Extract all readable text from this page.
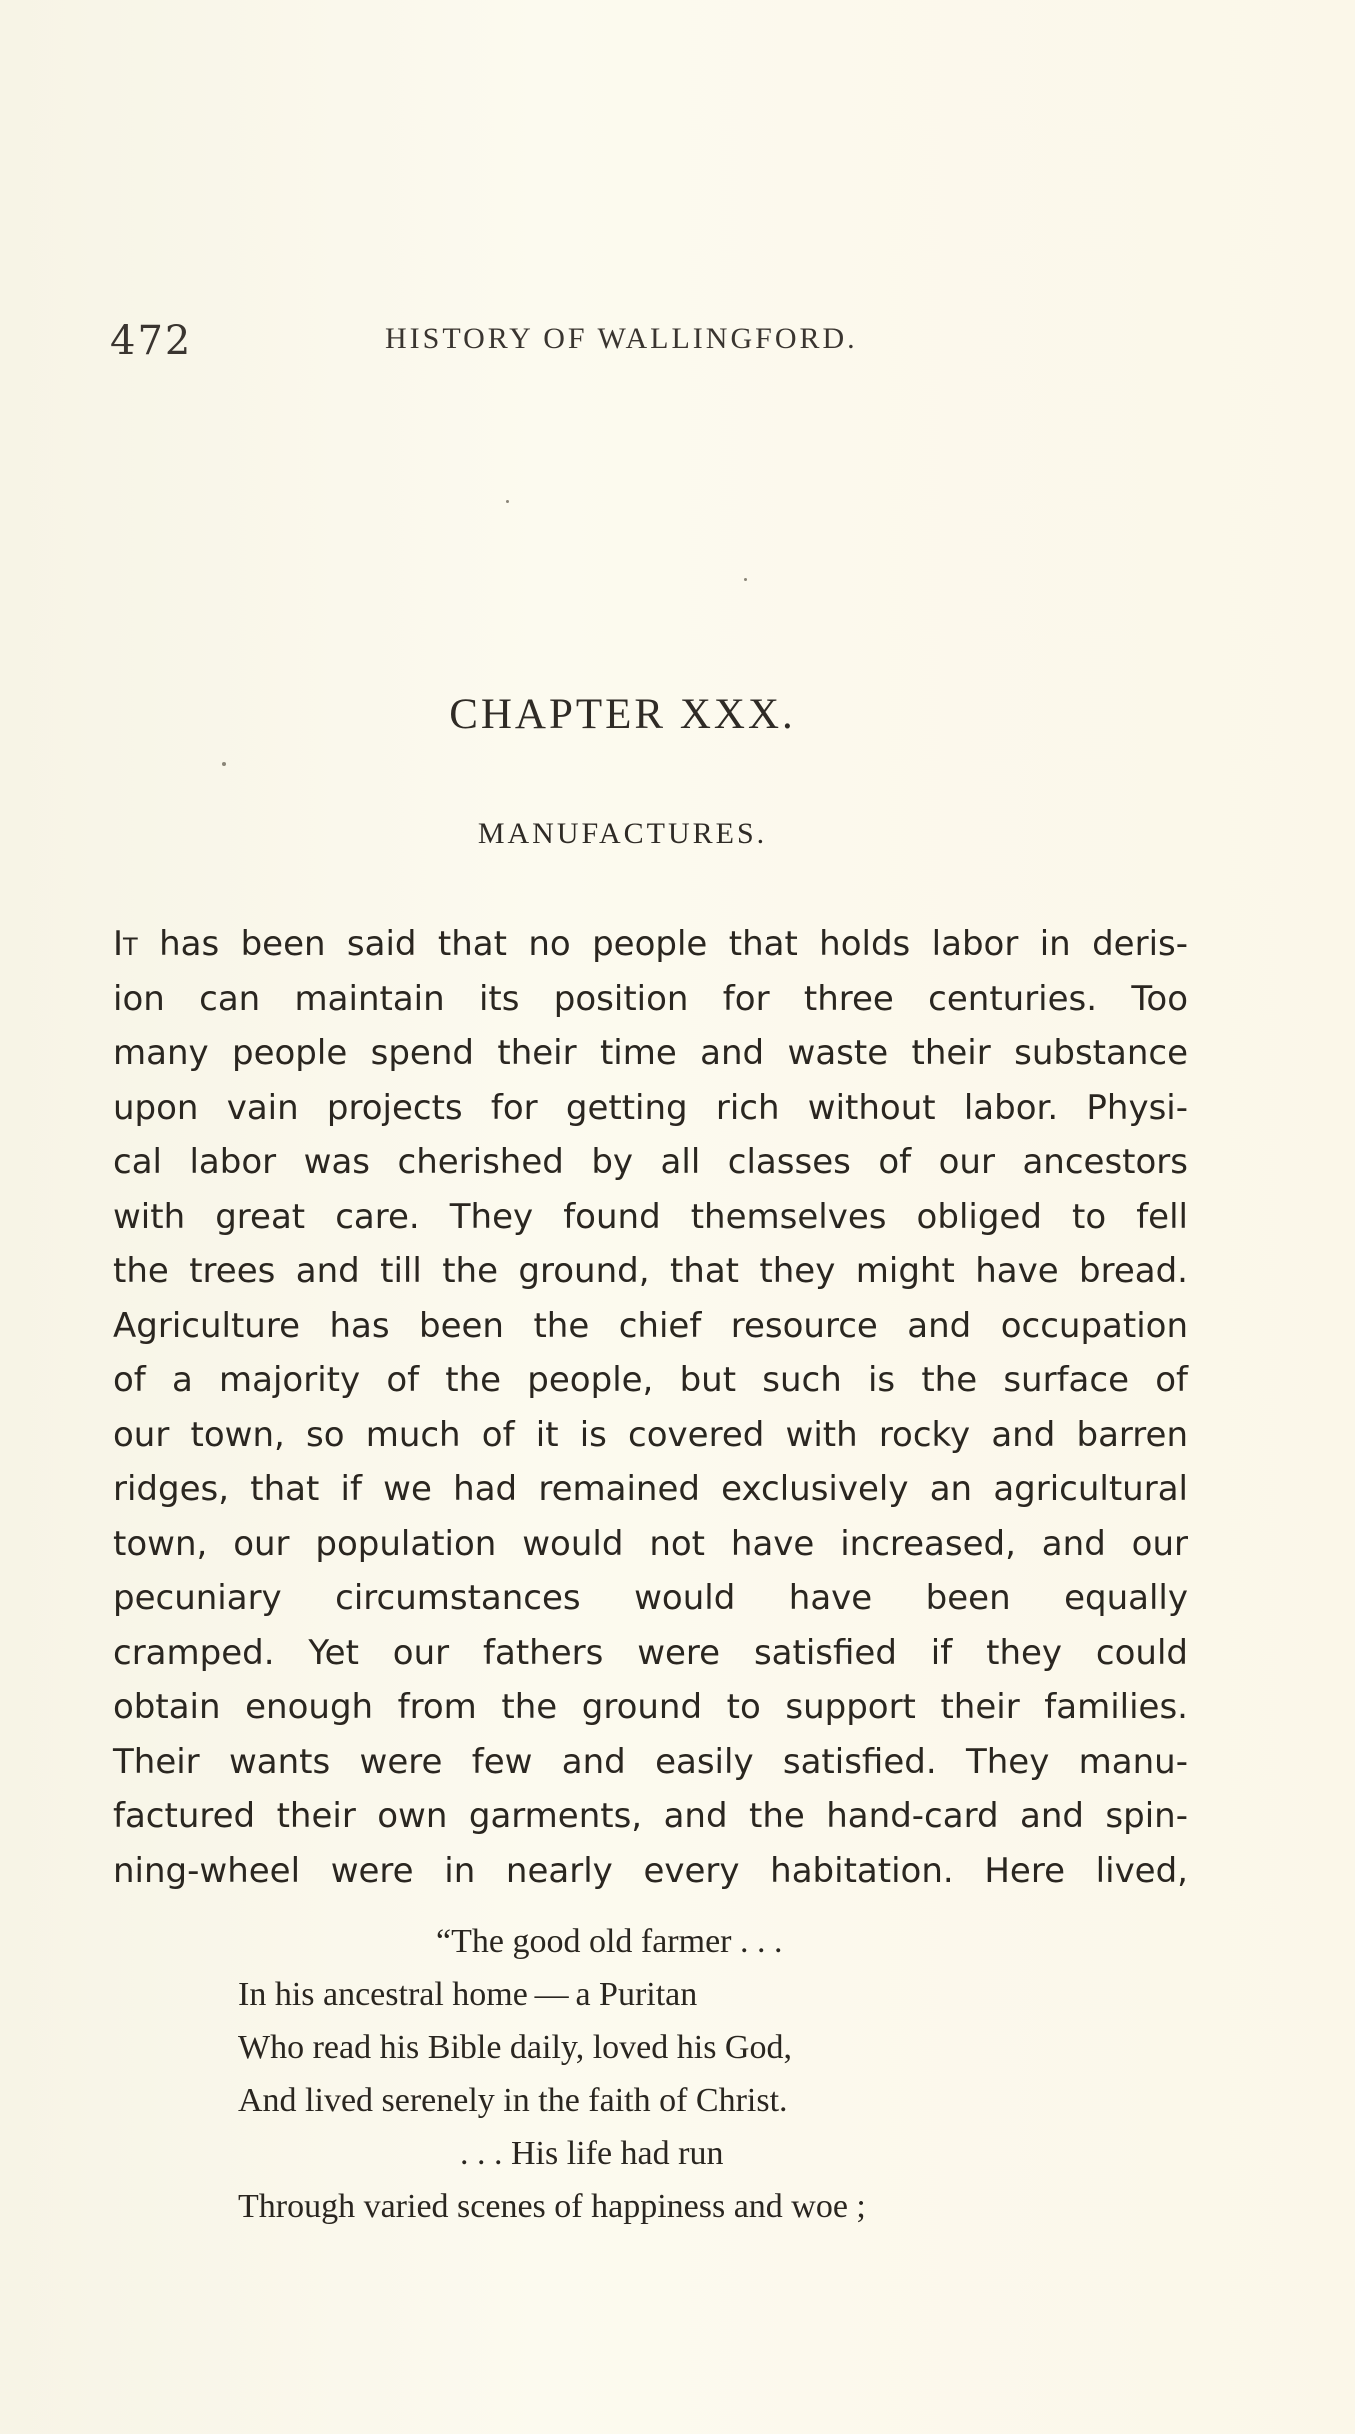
472	HISTORY OF WALLINGFORD.
CHAPTER XXX.
MANUFACTURES.
It has been said that no people that holds labor in deris-
ion can maintain its position for three centuries. Too
many people spend their time and waste their substance
upon vain projects for getting rich without labor. Physi-
cal labor was cherished by all classes of our ancestors
with great care. They found themselves obliged to fell
the trees and till the ground, that they might have bread.
Agriculture has been the chief resource and occupation
of a majority of the people, but such is the surface of
our town, so much of it is covered with rocky and barren
ridges, that if we had remained exclusively an agricultural
town, our population would not have increased, and our
pecuniary circumstances would have been equally
cramped. Yet our fathers were satisfied if they could
obtain enough from the ground to support their families.
Their wants were few and easily satisfied. They manu-
factured their own garments, and the hand-card and spin-
ning-wheel were in nearly every habitation. Here lived,
“The good old farmer . . .
In his ancestral home — a Puritan
Who read his Bible daily, loved his God,
And lived serenely in the faith of Christ.
. . . His life had run
Through varied scenes of happiness and woe ;
